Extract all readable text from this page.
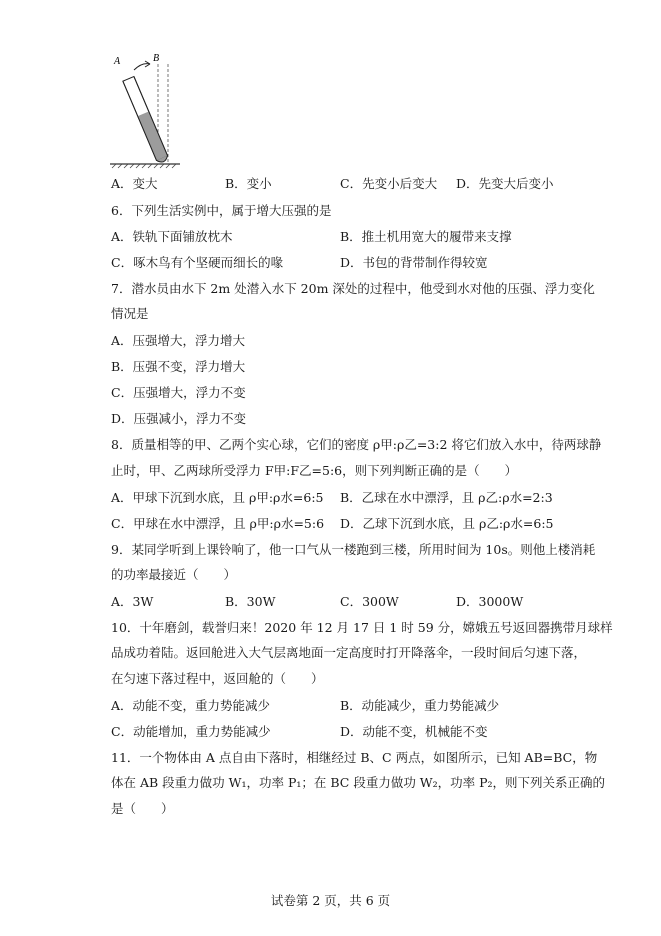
A	B
A．变大	B．变小	C．先变小后变大 D．先变大后变小
6．下列生活实例中，属于增大压强的是
A．铁轨下面铺放枕木	B．推土机用宽大的履带来支撑
C．啄木鸟有个坚硬而细长的喙	D．书包的背带制作得较宽
7．潜水员由水下 2m 处潜入水下 20m 深处的过程中，他受到水对他的压强、浮力变化
情况是
A．压强增大，浮力增大
B．压强不变，浮力增大
C．压强增大，浮力不变
D．压强减小，浮力不变
8．质量相等的甲、乙两个实心球，它们的密度 ρ甲:ρ乙=3:2 将它们放入水中，待两球静
止时，甲、乙两球所受浮力 F甲:F乙=5:6，则下列判断正确的是（　　）
A．甲球下沉到水底，且 ρ甲:ρ水=6:5 B．乙球在水中漂浮，且 ρ乙:ρ水=2:3
C．甲球在水中漂浮，且 ρ甲:ρ水=5:6 D．乙球下沉到水底，且 ρ乙:ρ水=6:5
9．某同学听到上课铃响了，他一口气从一楼跑到三楼，所用时间为 10s。则他上楼消耗
的功率最接近（　　）
A．3W	B．30W	C．300W	D．3000W
10．十年磨剑，载誉归来！2020 年 12 月 17 日 1 时 59 分，嫦娥五号返回器携带月球样
品成功着陆。返回舱进入大气层离地面一定高度时打开降落伞，一段时间后匀速下落，
在匀速下落过程中，返回舱的（　　）
A．动能不变，重力势能减少	B．动能减少，重力势能减少
C．动能增加，重力势能减少	D．动能不变，机械能不变
11．一个物体由 A 点自由下落时，相继经过 B、C 两点，如图所示，已知 AB=BC，物
体在 AB 段重力做功 W₁，功率 P₁；在 BC 段重力做功 W₂，功率 P₂，则下列关系正确的
是（　　）
试卷第 2 页，共 6 页
